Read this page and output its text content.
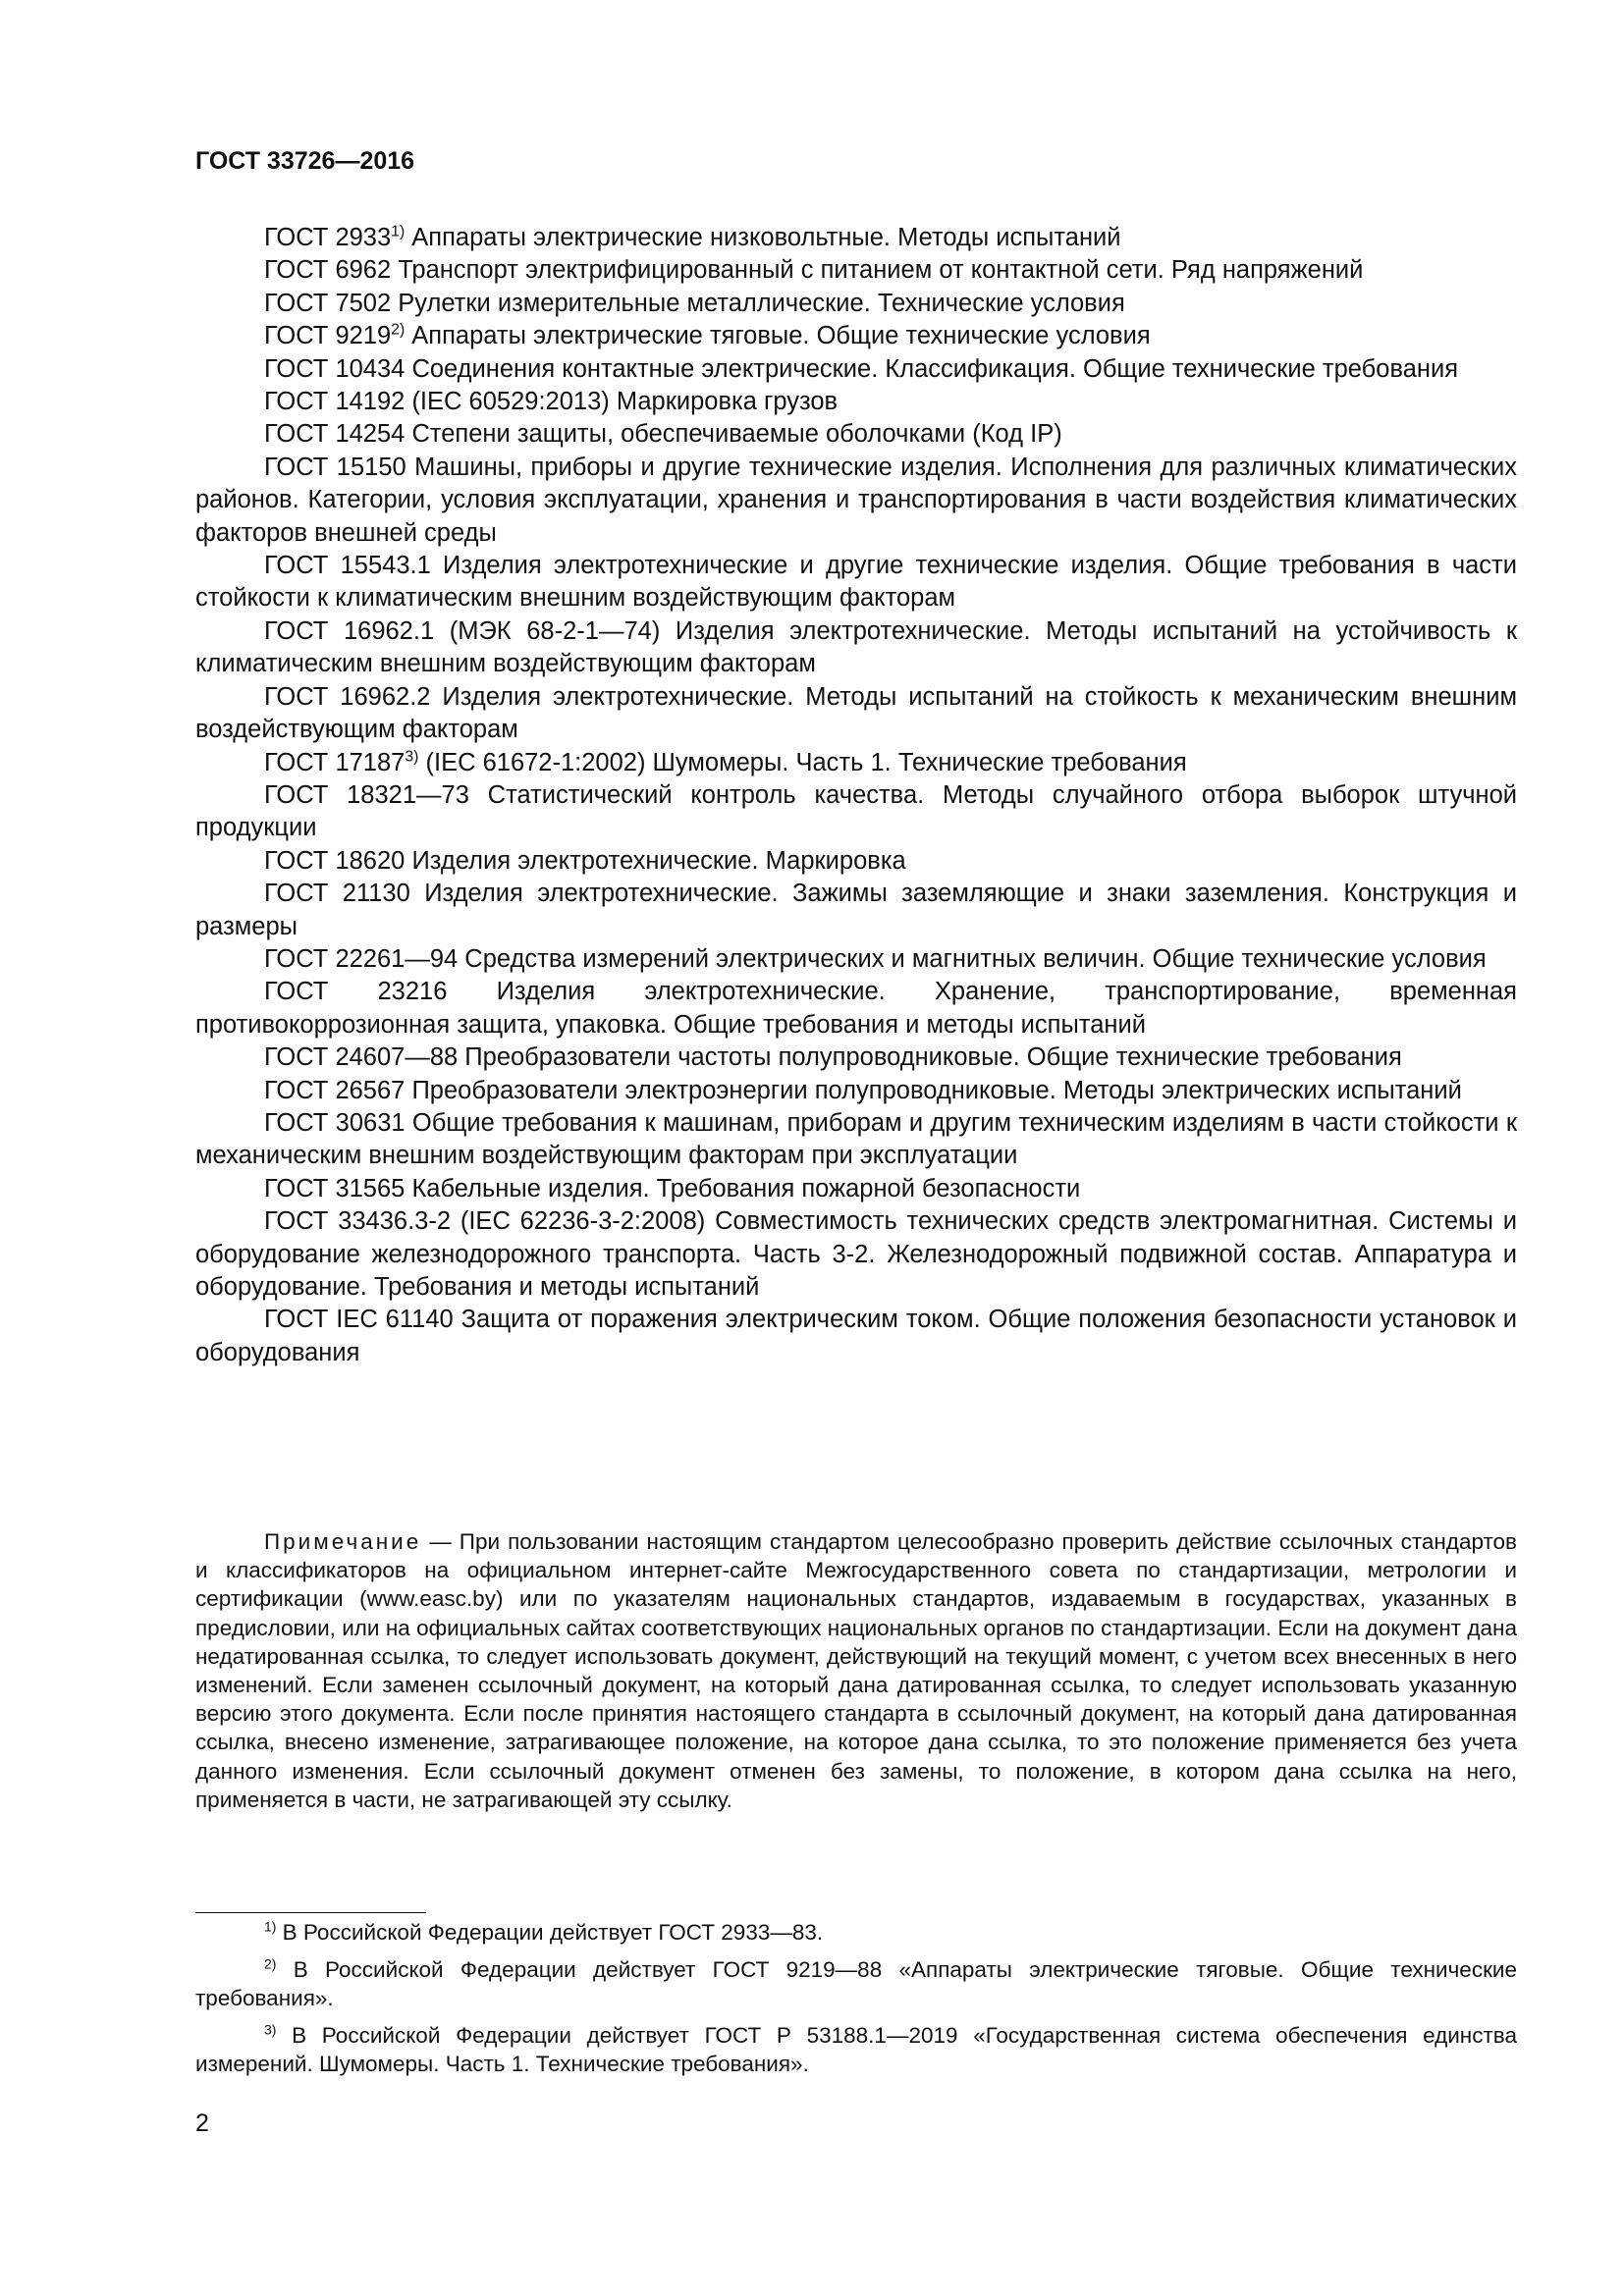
ГОСТ 33726—2016

ГОСТ 2933$^{1)}$ Аппараты электрические низковольтные. Методы испытаний

ГОСТ 6962 Транспорт электрифицированный с питанием от контактной сети. Ряд напряжений

ГОСТ 7502 Рулетки измерительные металлические. Технические условия

ГОСТ 9219$^{2)}$ Аппараты электрические тяговые. Общие технические условия

ГОСТ 10434 Соединения контактные электрические. Классификация. Общие технические требования

ГОСТ 14192 (IEC 60529:2013) Маркировка грузов

ГОСТ 14254 Степени защиты, обеспечиваемые оболочками (Код IP)

ГОСТ 15150 Машины, приборы и другие технические изделия. Исполнения для различных климатических районов. Категории, условия эксплуатации, хранения и транспортирования в части воздействия климатических факторов внешней среды

ГОСТ 15543.1 Изделия электротехнические и другие технические изделия. Общие требования в части стойкости к климатическим внешним воздействующим факторам

ГОСТ 16962.1 (МЭК 68-2-1—74) Изделия электротехнические. Методы испытаний на устойчивость к климатическим внешним воздействующим факторам

ГОСТ 16962.2 Изделия электротехнические. Методы испытаний на стойкость к механическим внешним воздействующим факторам

ГОСТ 17187$^{3)}$ (IEC 61672-1:2002) Шумомеры. Часть 1. Технические требования

ГОСТ 18321—73 Статистический контроль качества. Методы случайного отбора выборок штучной продукции

ГОСТ 18620 Изделия электротехнические. Маркировка

ГОСТ 21130 Изделия электротехнические. Зажимы заземляющие и знаки заземления. Конструкция и размеры

ГОСТ 22261—94 Средства измерений электрических и магнитных величин. Общие технические условия

ГОСТ 23216 Изделия электротехнические. Хранение, транспортирование, временная противокоррозионная защита, упаковка. Общие требования и методы испытаний

ГОСТ 24607—88 Преобразователи частоты полупроводниковые. Общие технические требования

ГОСТ 26567 Преобразователи электроэнергии полупроводниковые. Методы электрических испытаний

ГОСТ 30631 Общие требования к машинам, приборам и другим техническим изделиям в части стойкости к механическим внешним воздействующим факторам при эксплуатации

ГОСТ 31565 Кабельные изделия. Требования пожарной безопасности

ГОСТ 33436.3-2 (IEC 62236-3-2:2008) Совместимость технических средств электромагнитная. Системы и оборудование железнодорожного транспорта. Часть 3-2. Железнодорожный подвижной состав. Аппаратура и оборудование. Требования и методы испытаний

ГОСТ IEC 61140 Защита от поражения электрическим током. Общие положения безопасности установок и оборудования

Примечание — При пользовании настоящим стандартом целесообразно проверить действие ссылочных стандартов и классификаторов на официальном интернет-сайте Межгосударственного совета по стандартизации, метрологии и сертификации (www.easc.by) или по указателям национальных стандартов, издаваемым в государствах, указанных в предисловии, или на официальных сайтах соответствующих национальных органов по стандартизации. Если на документ дана недатированная ссылка, то следует использовать документ, действующий на текущий момент, с учетом всех внесенных в него изменений. Если заменен ссылочный документ, на который дана датированная ссылка, то следует использовать указанную версию этого документа. Если после принятия настоящего стандарта в ссылочный документ, на который дана датированная ссылка, внесено изменение, затрагивающее положение, на которое дана ссылка, то это положение применяется без учета данного изменения. Если ссылочный документ отменен без замены, то положение, в котором дана ссылка на него, применяется в части, не затрагивающей эту ссылку.

$^{1)}$ В Российской Федерации действует ГОСТ 2933—83.

$^{2)}$ В Российской Федерации действует ГОСТ 9219—88 «Аппараты электрические тяговые. Общие технические требования».

$^{3)}$ В Российской Федерации действует ГОСТ Р 53188.1—2019 «Государственная система обеспечения единства измерений. Шумомеры. Часть 1. Технические требования».

2
